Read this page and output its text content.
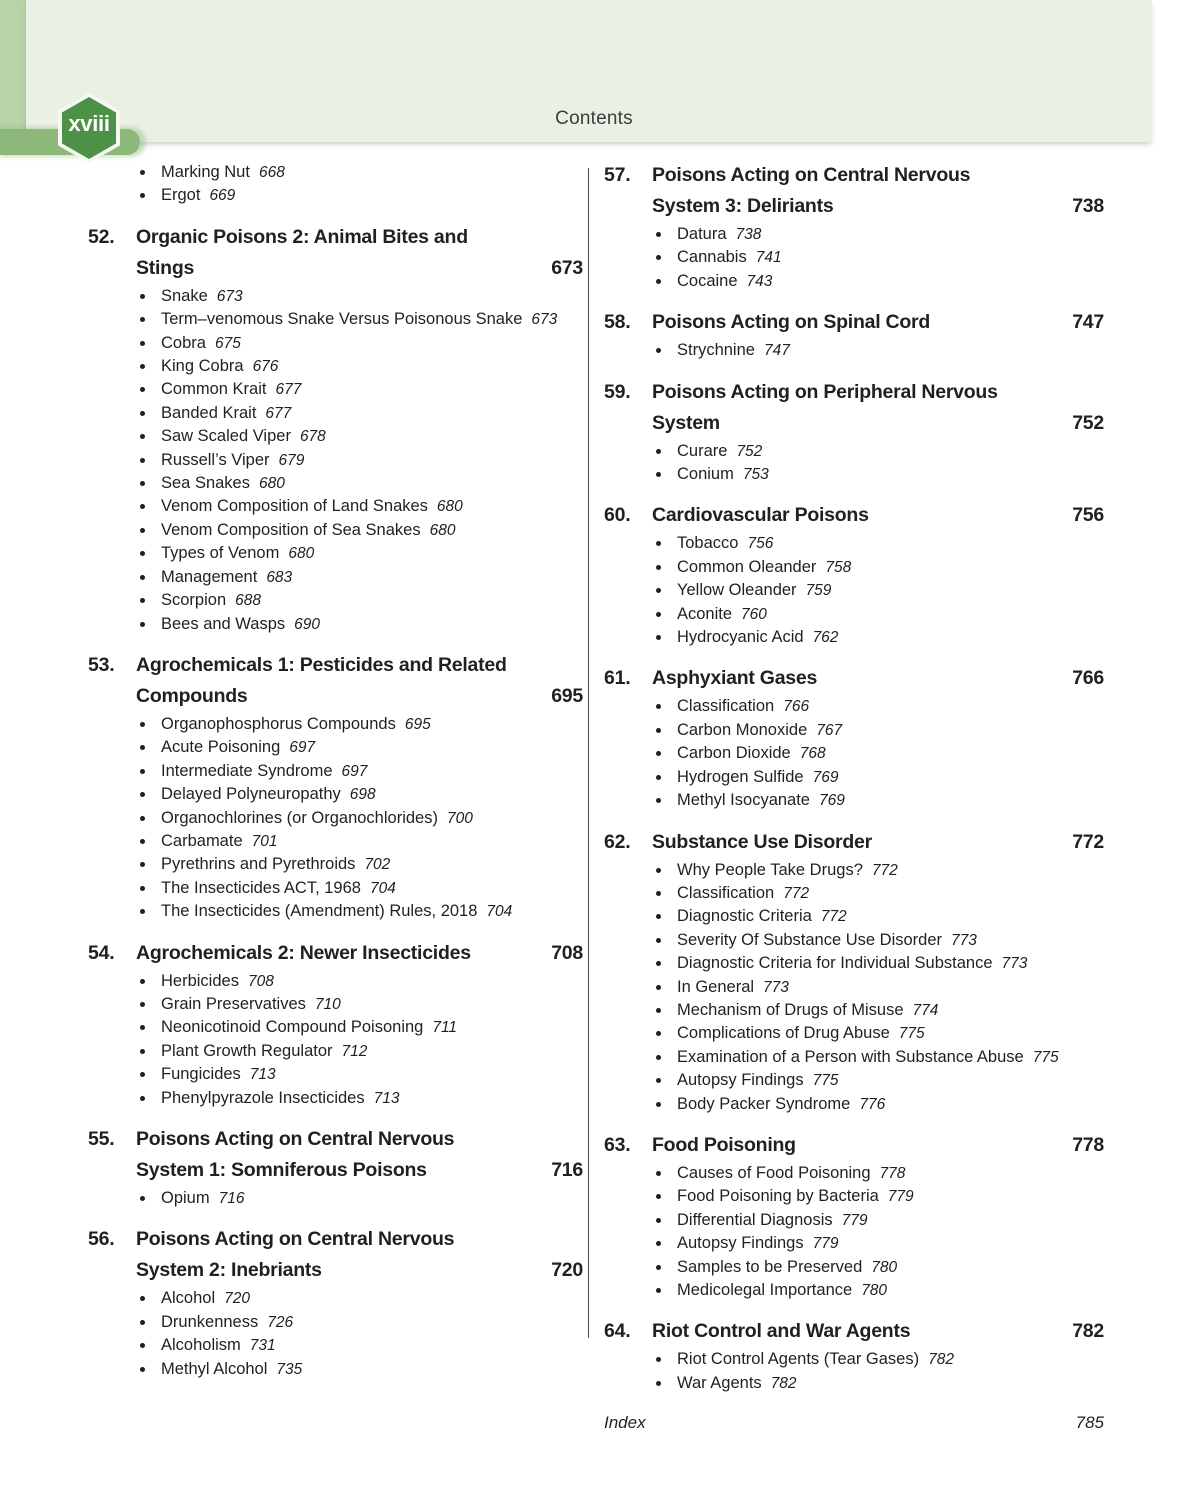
Contents
xviii
Marking Nut 668
Ergot 669
52.	Organic Poisons 2: Animal Bites and Stings	673
Snake 673
Term–venomous Snake Versus Poisonous Snake 673
Cobra 675
King Cobra 676
Common Krait 677
Banded Krait 677
Saw Scaled Viper 678
Russell’s Viper 679
Sea Snakes 680
Venom Composition of Land Snakes 680
Venom Composition of Sea Snakes 680
Types of Venom 680
Management 683
Scorpion 688
Bees and Wasps 690
53.	Agrochemicals 1: Pesticides and Related Compounds	695
Organophosphorus Compounds 695
Acute Poisoning 697
Intermediate Syndrome 697
Delayed Polyneuropathy 698
Organochlorines (or Organochlorides) 700
Carbamate 701
Pyrethrins and Pyrethroids 702
The Insecticides ACT, 1968 704
The Insecticides (Amendment) Rules, 2018 704
54.	Agrochemicals 2: Newer Insecticides	708
Herbicides 708
Grain Preservatives 710
Neonicotinoid Compound Poisoning 711
Plant Growth Regulator 712
Fungicides 713
Phenylpyrazole Insecticides 713
55.	Poisons Acting on Central Nervous System 1: Somniferous Poisons	716
Opium 716
56.	Poisons Acting on Central Nervous System 2: Inebriants	720
Alcohol 720
Drunkenness 726
Alcoholism 731
Methyl Alcohol 735
57.	Poisons Acting on Central Nervous System 3: Deliriants	738
Datura 738
Cannabis 741
Cocaine 743
58.	Poisons Acting on Spinal Cord	747
Strychnine 747
59.	Poisons Acting on Peripheral Nervous System	752
Curare 752
Conium 753
60.	Cardiovascular Poisons	756
Tobacco 756
Common Oleander 758
Yellow Oleander 759
Aconite 760
Hydrocyanic Acid 762
61.	Asphyxiant Gases	766
Classification 766
Carbon Monoxide 767
Carbon Dioxide 768
Hydrogen Sulfide 769
Methyl Isocyanate 769
62.	Substance Use Disorder	772
Why People Take Drugs? 772
Classification 772
Diagnostic Criteria 772
Severity Of Substance Use Disorder 773
Diagnostic Criteria for Individual Substance 773
In General 773
Mechanism of Drugs of Misuse 774
Complications of Drug Abuse 775
Examination of a Person with Substance Abuse 775
Autopsy Findings 775
Body Packer Syndrome 776
63.	Food Poisoning	778
Causes of Food Poisoning 778
Food Poisoning by Bacteria 779
Differential Diagnosis 779
Autopsy Findings 779
Samples to be Preserved 780
Medicolegal Importance 780
64.	Riot Control and War Agents	782
Riot Control Agents (Tear Gases) 782
War Agents 782
Index	785
